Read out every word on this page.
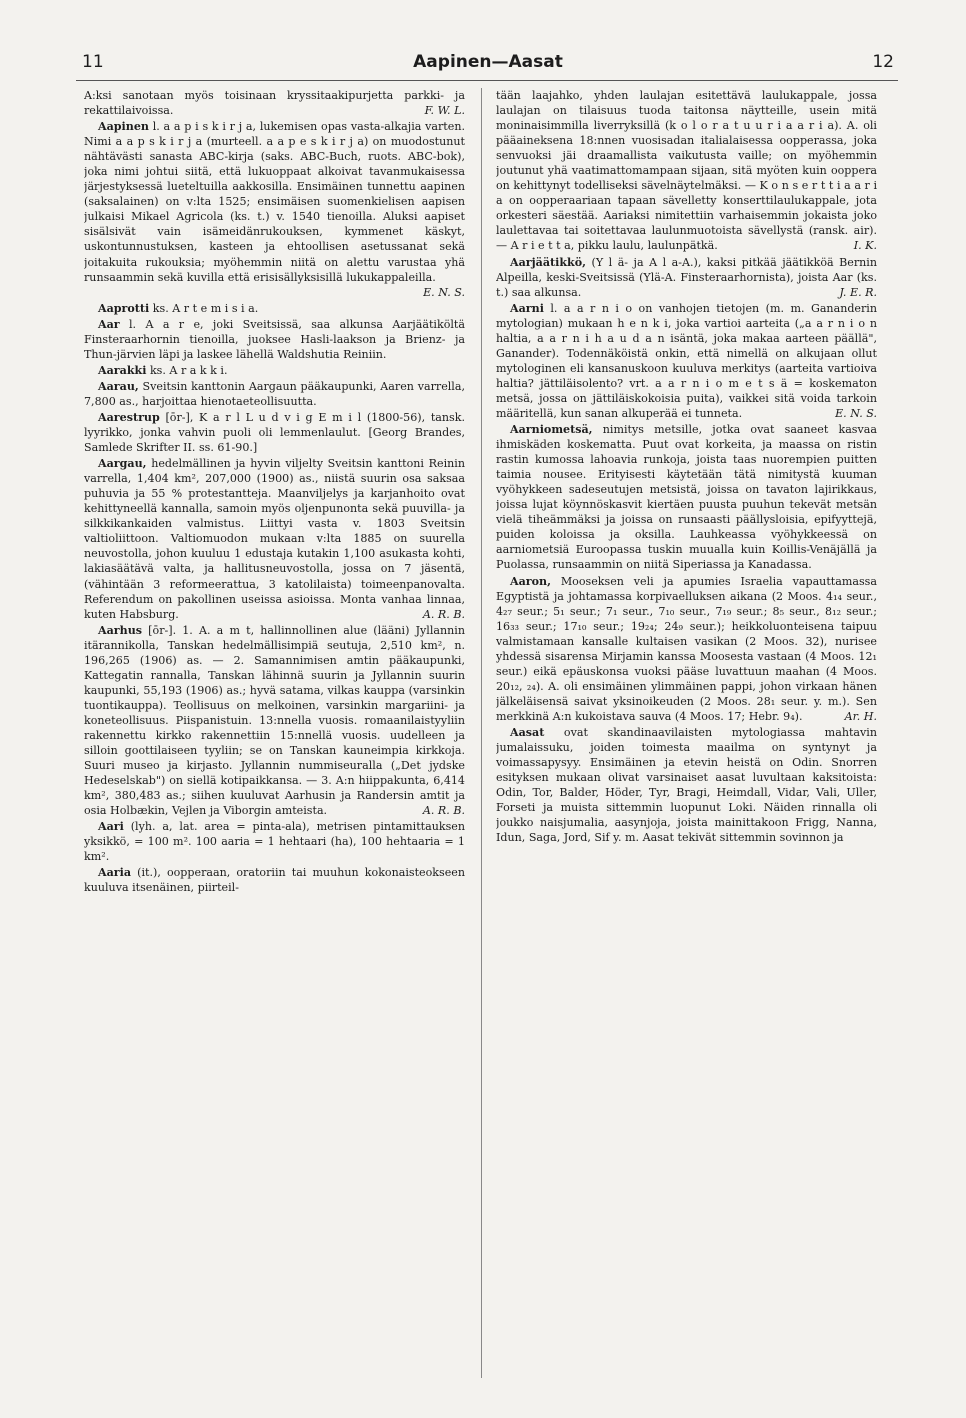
11	Aapinen—Aasat	12

A:ksi sanotaan myös toisinaan kryssitaakipurjetta parkki- ja rekattilaivoissa.	F. W. L.

Aapinen l. a a p i s k i r j a, lukemisen opas vasta-alkajia varten. Nimi a a p s k i r j a (murteell. a a p e s k i r j a) on muodostunut nähtävästi sanasta ABC-kirja (saks. ABC-Buch, ruots. ABC-bok), joka nimi johtui siitä, että lukuoppaat alkoivat tavanmukaisessa järjestyksessä lueteltuilla aakkosilla. Ensimäinen tunnettu aapinen (saksalainen) on v:lta 1525; ensimäisen suomenkielisen aapisen julkaisi Mikael Agricola (ks. t.) v. 1540 tienoilla. Aluksi aapiset sisälsivät vain isämeidänrukouksen, kymmenet käskyt, uskontunnustuksen, kasteen ja ehtoollisen asetussanat sekä joitakuita rukouksia; myöhemmin niitä on alettu varustaa yhä runsaammin sekä kuvilla että erisisällyksisillä lukukappaleilla.
E. N. S.

Aaprotti ks. A r t e m i s i a.

Aar l. A a r e, joki Sveitsissä, saa alkunsa Aarjäätiköltä Finsteraarhornin tienoilla, juoksee Hasli-laakson ja Brienz- ja Thun-järvien läpi ja laskee lähellä Waldshutia Reiniin.

Aarakki ks. A r a k k i.

Aarau, Sveitsin kanttonin Aargaun pääkaupunki, Aaren varrella, 7,800 as., harjoittaa hienotaeteollisuutta.

Aarestrup [ōr-], K a r l L u d v i g E m i l (1800-56), tansk. lyyrikko, jonka vahvin puoli oli lemmenlaulut. [Georg Brandes, Samlede Skrifter II. ss. 61-90.]

Aargau, hedelmällinen ja hyvin viljelty Sveitsin kanttoni Reinin varrella, 1,404 km², 207,000 (1900) as., niistä suurin osa saksaa puhuvia ja 55 % protestantteja. Maanviljelys ja karjanhoito ovat kehittyneellä kannalla, samoin myös oljenpunonta sekä puuvilla- ja silkkikankaiden valmistus. Liittyi vasta v. 1803 Sveitsin valtioliittoon. Valtiomuodon mukaan v:lta 1885 on suurella neuvostolla, johon kuuluu 1 edustaja kutakin 1,100 asukasta kohti, lakiasäätävä valta, ja hallitusneuvostolla, jossa on 7 jäsentä, (vähintään 3 reformeerattua, 3 katolilaista) toimeenpanovalta. Referendum on pakollinen useissa asioissa. Monta vanhaa linnaa, kuten Habsburg.	A. R. B.

Aarhus [ōr-]. 1. A. a m t, hallinnollinen alue (lääni) Jyllannin itärannikolla, Tanskan hedelmällisimpiä seutuja, 2,510 km², n. 196,265 (1906) as. — 2. Samannimisen amtin pääkaupunki, Kattegatin rannalla, Tanskan lähinnä suurin ja Jyllannin suurin kaupunki, 55,193 (1906) as.; hyvä satama, vilkas kauppa (varsinkin tuontikauppa). Teollisuus on melkoinen, varsinkin margariini- ja koneteollisuus. Piispanistuin. 13:nnella vuosis. romaanilaistyyliin rakennettu kirkko rakennettiin 15:nnellä vuosis. uudelleen ja silloin goottilaiseen tyyliin; se on Tanskan kauneimpia kirkkoja. Suuri museo ja kirjasto. Jyllannin nummiseuralla („Det jydske Hedeselskab") on siellä kotipaikkansa. — 3. A:n hiippakunta, 6,414 km², 380,483 as.; siihen kuuluvat Aarhusin ja Randersin amtit ja osia Holbækin, Vejlen ja Viborgin amteista.	A. R. B.

Aari (lyh. a, lat. area = pinta-ala), metrisen pintamittauksen yksikkö, = 100 m². 100 aaria = 1 hehtaari (ha), 100 hehtaaria = 1 km².

Aaria (it.), oopperaan, oratoriin tai muuhun kokonaisteokseen kuuluva itsenäinen, piirteil-

tään laajahko, yhden laulajan esitettävä laulukappale, jossa laulajan on tilaisuus tuoda taitonsa näytteille, usein mitä moninaisimmilla liverryksillä (k o l o r a t u u r i a a r i a). A. oli pääaineksena 18:nnen vuosisadan italialaisessa oopperassa, joka senvuoksi jäi draamallista vaikutusta vaille; on myöhemmin joutunut yhä vaatimattomampaan sijaan, sitä myöten kuin ooppera on kehittynyt todelliseksi sävelnäytelmäksi. — K o n s e r t t i a a r i a on oopperaariaan tapaan sävelletty konserttilaulukappale, jota orkesteri säestää. Aariaksi nimitettiin varhaisemmin jokaista joko laulettavaa tai soitettavaa laulunmuotoista sävellystä (ransk. air). — A r i e t t a, pikku laulu, laulunpätkä.	I. K.

Aarjäätikkö, (Y l ä- ja A l a-A.), kaksi pitkää jäätikköä Bernin Alpeilla, keski-Sveitsissä (Ylä-A. Finsteraarhornista), joista Aar (ks. t.) saa alkunsa.	J. E. R.

Aarni l. a a r n i o on vanhojen tietojen (m. m. Gananderin mytologian) mukaan h e n k i, joka vartioi aarteita („a a r n i o n haltia, a a r n i h a u d a n isäntä, joka makaa aarteen päällä", Ganander). Todennäköistä onkin, että nimellä on alkujaan ollut mytologinen eli kansanuskoon kuuluva merkitys (aarteita vartioiva haltia? jättiläisolento? vrt. a a r n i o m e t s ä = koskematon metsä, jossa on jättiläiskokoisia puita), vaikkei sitä voida tarkoin määritellä, kun sanan alkuperää ei tunneta.	E. N. S.

Aarniometsä, nimitys metsille, jotka ovat saaneet kasvaa ihmiskäden koskematta. Puut ovat korkeita, ja maassa on ristin rastin kumossa lahoavia runkoja, joista taas nuorempien puitten taimia nousee. Erityisesti käytetään tätä nimitystä kuuman vyöhykkeen sadeseutujen metsistä, joissa on tavaton lajirikkaus, joissa lujat köynnöskasvit kiertäen puusta puuhun tekevät metsän vielä tiheämmäksi ja joissa on runsaasti päällysloisia, epifyyttejä, puiden koloissa ja oksilla. Lauhkeassa vyöhykkeessä on aarniometsiä Euroopassa tuskin muualla kuin Koillis-Venäjällä ja Puolassa, runsaammin on niitä Siperiassa ja Kanadassa.

Aaron, Mooseksen veli ja apumies Israelia vapauttamassa Egyptistä ja johtamassa korpivaelluksen aikana (2 Moos. 4₁₄ seur., 4₂₇ seur.; 5₁ seur.; 7₁ seur., 7₁₀ seur., 7₁₉ seur.; 8₅ seur., 8₁₂ seur.; 16₃₃ seur.; 17₁₀ seur.; 19₂₄; 24₉ seur.); heikkoluonteisena taipuu valmistamaan kansalle kultaisen vasikan (2 Moos. 32), nurisee yhdessä sisarensa Mirjamin kanssa Moosesta vastaan (4 Moos. 12₁ seur.) eikä epäuskonsa vuoksi pääse luvattuun maahan (4 Moos. 20₁₂, ₂₄). A. oli ensimäinen ylimmäinen pappi, johon virkaan hänen jälkeläisensä saivat yksinoikeuden (2 Moos. 28₁ seur. y. m.). Sen merkkinä A:n kukoistava sauva (4 Moos. 17; Hebr. 9₄).	Ar. H.

Aasat ovat skandinaavilaisten mytologiassa mahtavin jumalaissuku, joiden toimesta maailma on syntynyt ja voimassapysyy. Ensimäinen ja etevin heistä on Odin. Snorren esityksen mukaan olivat varsinaiset aasat luvultaan kaksitoista: Odin, Tor, Balder, Höder, Tyr, Bragi, Heimdall, Vidar, Vali, Uller, Forseti ja muista sittemmin luopunut Loki. Näiden rinnalla oli joukko naisjumalia, aasynjoja, joista mainittakoon Frigg, Nanna, Idun, Saga, Jord, Sif y. m. Aasat tekivät sittemmin sovinnon ja
